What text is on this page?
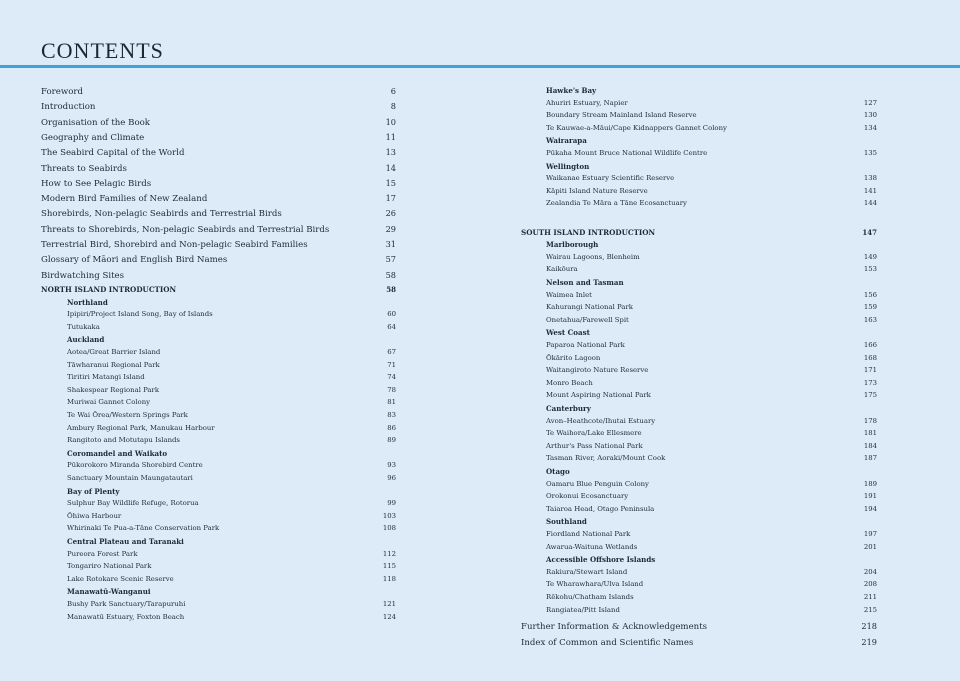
CONTENTS
Foreword	6
Introduction	8
Organisation of the Book	10
Geography and Climate	11
The Seabird Capital of the World	13
Threats to Seabirds	14
How to See Pelagic Birds	15
Modern Bird Families of New Zealand	17
Shorebirds, Non-pelagic Seabirds and Terrestrial Birds	26
Threats to Shorebirds, Non-pelagic Seabirds and Terrestrial Birds	29
Terrestrial Bird, Shorebird and Non-pelagic Seabird Families	31
Glossary of Māori and English Bird Names	57
Birdwatching Sites	58
NORTH ISLAND INTRODUCTION	58
Northland
Ipipiri/Project Island Song, Bay of Islands	60
Tutukaka	64
Auckland
Aotea/Great Barrier Island	67
Tāwharanui Regional Park	71
Tiritiri Matangi Island	74
Shakespear Regional Park	78
Muriwai Gannet Colony	81
Te Wai Ōrea/Western Springs Park	83
Ambury Regional Park, Manukau Harbour	86
Rangitoto and Motutapu Islands	89
Coromandel and Waikato
Pūkorokoro Miranda Shorebird Centre	93
Sanctuary Mountain Maungatautari	96
Bay of Plenty
Sulphur Bay Wildlife Refuge, Rotorua	99
Ōhiwa Harbour	103
Whirinaki Te Pua-a-Tāne Conservation Park	108
Central Plateau and Taranaki
Pureora Forest Park	112
Tongariro National Park	115
Lake Rotokare Scenic Reserve	118
Manawatū-Wanganui
Bushy Park Sanctuary/Tarapuruhi	121
Manawatū Estuary, Foxton Beach	124
Hawke's Bay
Ahuriri Estuary, Napier	127
Boundary Stream Mainland Island Reserve	130
Te Kauwae-a-Māui/Cape Kidnappers Gannet Colony	134
Wairarapa
Pūkaha Mount Bruce National Wildlife Centre	135
Wellington
Waikanae Estuary Scientific Reserve	138
Kāpiti Island Nature Reserve	141
Zealandia Te Māra a Tāne Ecosanctuary	144
SOUTH ISLAND INTRODUCTION	147
Marlborough
Wairau Lagoons, Blenheim	149
Kaikōura	153
Nelson and Tasman
Waimea Inlet	156
Kahurangi National Park	159
Onetahua/Farewell Spit	163
West Coast
Paparoa National Park	166
Ōkārito Lagoon	168
Waitangiroto Nature Reserve	171
Monro Beach	173
Mount Aspiring National Park	175
Canterbury
Avon–Heathcote/Ihutai Estuary	178
Te Waihora/Lake Ellesmere	181
Arthur's Pass National Park	184
Tasman River, Aoraki/Mount Cook	187
Otago
Oamaru Blue Penguin Colony	189
Orokonui Ecosanctuary	191
Taiaroa Head, Otago Peninsula	194
Southland
Fiordland National Park	197
Awarua-Waituna Wetlands	201
Accessible Offshore Islands
Rakiura/Stewart Island	204
Te Wharawhara/Ulva Island	208
Rēkohu/Chatham Islands	211
Rangiatea/Pitt Island	215
Further Information & Acknowledgements	218
Index of Common and Scientific Names	219
